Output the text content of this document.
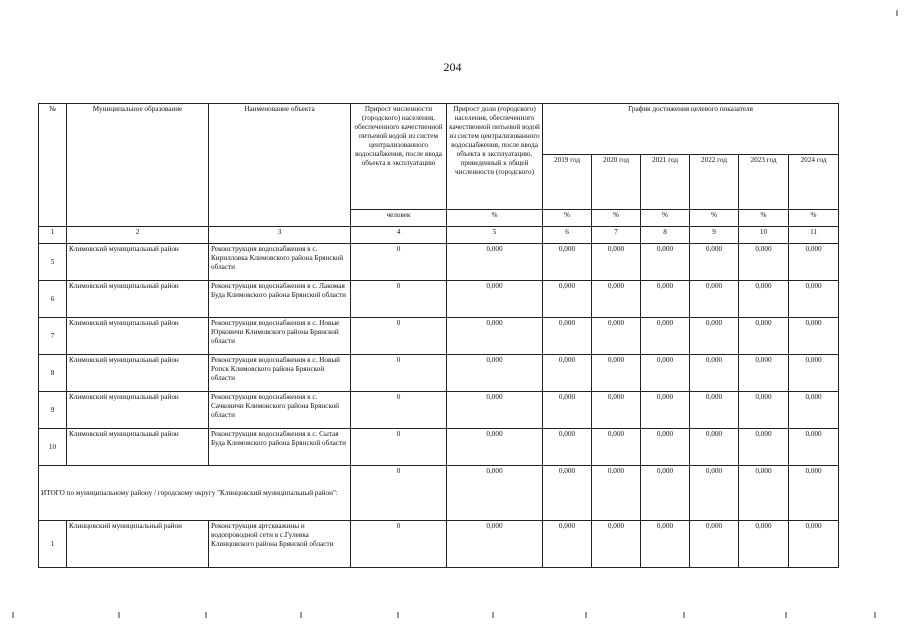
204
№	Муниципальное образование	Наименование объекта	Прирост численности (городского) населения, обеспеченного качественной питьевой водой из систем централизованного водоснабжения, после ввода объекта в эксплуатацию	Прирост доли (городского) населения, обеспеченного качественной питьевой водой из систем централизованного водоснабжения, после ввода объекта в эксплуатацию, приведенный к общей численности (городского)	График достижения целевого показателя					
					2019 год	2020 год	2021 год	2022 год	2023 год	2024 год
			человек	%	%	%	%	%	%	%
1	2	3	4	5	6	7	8	9	10	11
5	Климовский муниципальный район	Реконструкция водоснабжения в с. Кирилловка Климовского района Брянской области	0	0,000	0,000	0,000	0,000	0,000	0,000	0,000
6	Климовский муниципальный район	Реконструкция водоснабжения в с. Лакомая Буда Климовского района Брянской области	0	0,000	0,000	0,000	0,000	0,000	0,000	0,000
7	Климовский муниципальный район	Реконструкция водоснабжения в с. Новые Юрковичи Климовского района Брянской области	0	0,000	0,000	0,000	0,000	0,000	0,000	0,000
8	Климовский муниципальный район	Реконструкция водоснабжения в с. Новый Ропск Климовского района Брянской области	0	0,000	0,000	0,000	0,000	0,000	0,000	0,000
9	Климовский муниципальный район	Реконструкция водоснабжения в с. Сачковичи Климовского района Брянской области	0	0,000	0,000	0,000	0,000	0,000	0,000	0,000
10	Климовский муниципальный район	Реконструкция водоснабжения в с. Сытая Буда Климовского района Брянской области	0	0,000	0,000	0,000	0,000	0,000	0,000	0,000
ИТОГО по муниципальному району / городскому округу "Клинцовский муниципальный район":			0	0,000	0,000	0,000	0,000	0,000	0,000	0,000
1	Клинцовский муниципальный район	Реконструкция артскважины и водопроводной сети в с.Гулевка Клинцовского района Брянской области	0	0,000	0,000	0,000	0,000	0,000	0,000	0,000
